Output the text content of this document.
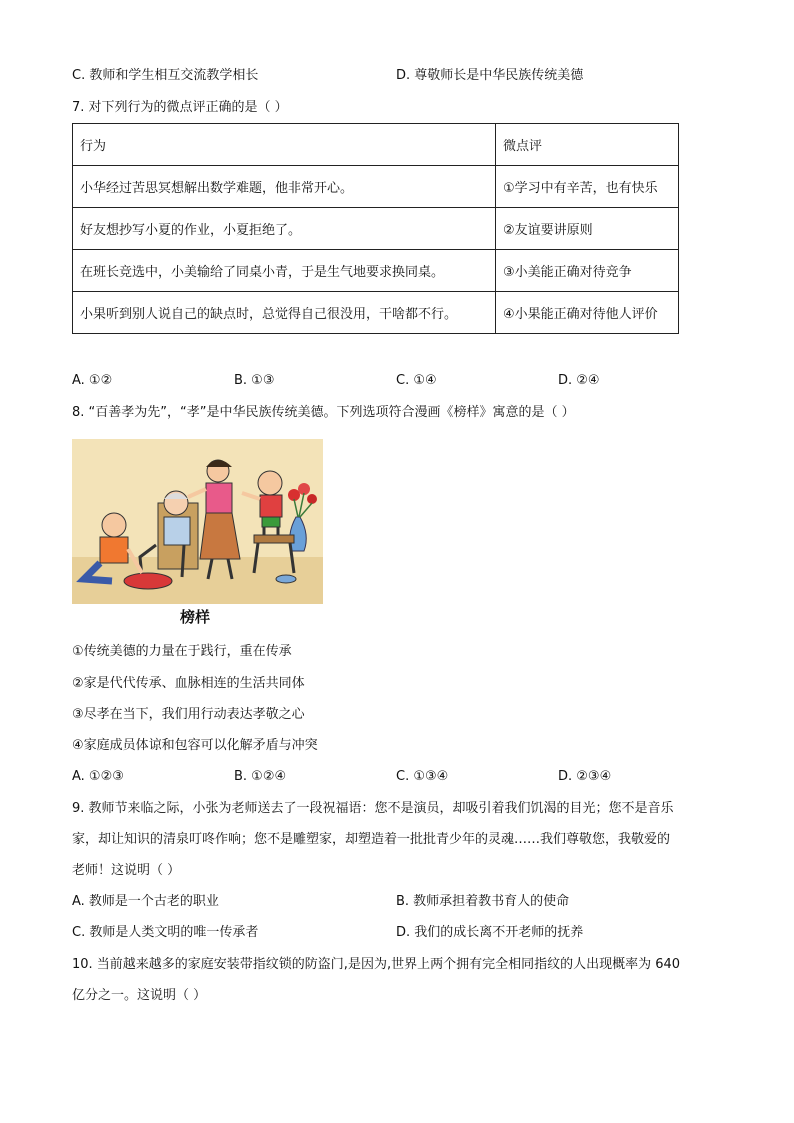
C. 教师和学生相互交流教学相长	D. 尊敬师长是中华民族传统美德
7. 对下列行为的微点评正确的是（ ）
行为	微点评
小华经过苦思冥想解出数学难题，他非常开心。	①学习中有辛苦，也有快乐
好友想抄写小夏的作业，小夏拒绝了。	②友谊要讲原则
在班长竞选中，小美输给了同桌小青，于是生气地要求换同桌。	③小美能正确对待竞争
小果听到别人说自己的缺点时，总觉得自己很没用，干啥都不行。	④小果能正确对待他人评价
A. ①②	B. ①③	C. ①④	D. ②④
8. “百善孝为先”，“孝”是中华民族传统美德。下列选项符合漫画《榜样》寓意的是（ ）
榜样
①传统美德的力量在于践行，重在传承
②家是代代传承、血脉相连的生活共同体
③尽孝在当下，我们用行动表达孝敬之心
④家庭成员体谅和包容可以化解矛盾与冲突
A. ①②③	B. ①②④	C. ①③④	D. ②③④
9. 教师节来临之际，小张为老师送去了一段祝福语：您不是演员，却吸引着我们饥渴的目光；您不是音乐
家，却让知识的清泉叮咚作响；您不是雕塑家，却塑造着一批批青少年的灵魂……我们尊敬您，我敬爱的
老师！这说明（ ）
A. 教师是一个古老的职业	B. 教师承担着教书育人的使命
C. 教师是人类文明的唯一传承者	D. 我们的成长离不开老师的抚养
10. 当前越来越多的家庭安装带指纹锁的防盗门,是因为,世界上两个拥有完全相同指纹的人出现概率为 640
亿分之一。这说明（ ）
